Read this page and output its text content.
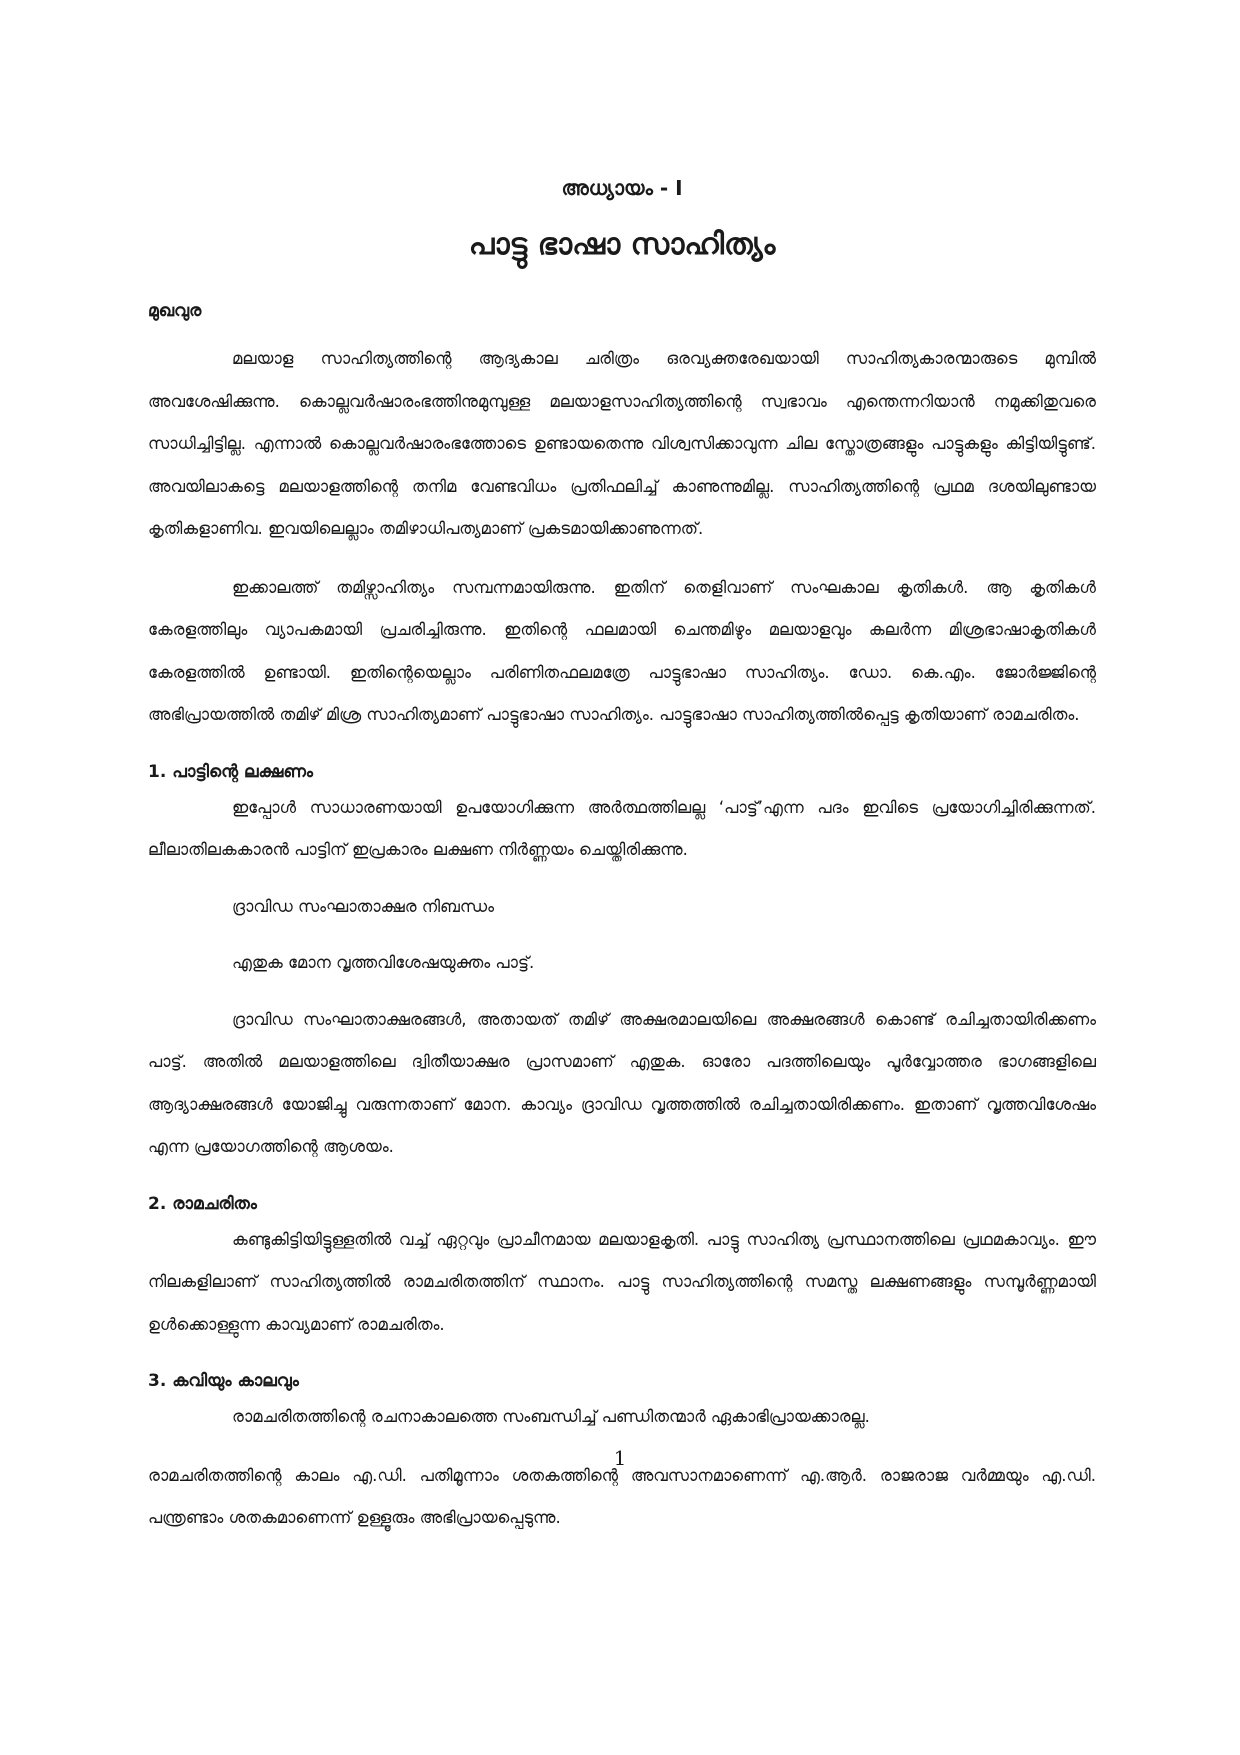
അധ്യായം - I
പാട്ടു ഭാഷാ സാഹിത്യം
മുഖവുര

മലയാള സാഹിത്യത്തിന്റെ ആദ്യകാല ചരിത്രം ഒരവ്യക്തരേഖയായി സാഹിത്യകാരന്മാരുടെ മുമ്പിൽ അവശേഷിക്കുന്നു. കൊല്ലവർഷാരംഭത്തിനുമുമ്പുള്ള മലയാളസാഹിത്യത്തിന്റെ സ്വഭാവം എന്തെന്നറിയാൻ നമുക്കിതുവരെ സാധിച്ചിട്ടില്ല. എന്നാൽ കൊല്ലവർഷാരംഭത്തോടെ ഉണ്ടായതെന്നു വിശ്വസിക്കാവുന്ന ചില സ്തോത്രങ്ങളും പാട്ടുകളും കിട്ടിയിട്ടുണ്ട്. അവയിലാകട്ടെ മലയാളത്തിന്റെ തനിമ വേണ്ടവിധം പ്രതിഫലിച്ച് കാണുന്നുമില്ല. സാഹിത്യത്തിന്റെ പ്രഥമ ദശയിലുണ്ടായ കൃതികളാണിവ. ഇവയിലെല്ലാം തമിഴാധിപത്യമാണ് പ്രകടമായിക്കാണുന്നത്.

ഇക്കാലത്ത് തമിഴ്സാഹിത്യം സമ്പന്നമായിരുന്നു. ഇതിന് തെളിവാണ് സംഘകാല കൃതികൾ. ആ കൃതികൾ കേരളത്തിലും വ്യാപകമായി പ്രചരിച്ചിരുന്നു. ഇതിന്റെ ഫലമായി ചെന്തമിഴും മലയാളവും കലർന്ന മിശ്രഭാഷാകൃതികൾ കേരളത്തിൽ ഉണ്ടായി. ഇതിന്റെയെല്ലാം പരിണിതഫലമത്രേ പാട്ടുഭാഷാ സാഹിത്യം. ഡോ. കെ.എം. ജോർജ്ജിന്റെ അഭിപ്രായത്തിൽ തമിഴ് മിശ്ര സാഹിത്യമാണ് പാട്ടുഭാഷാ സാഹിത്യം. പാട്ടുഭാഷാ സാഹിത്യത്തിൽപ്പെട്ട കൃതിയാണ് രാമചരിതം.

1. പാട്ടിന്റെ ലക്ഷണം

ഇപ്പോൾ സാധാരണയായി ഉപയോഗിക്കുന്ന അർത്ഥത്തിലല്ല ‘പാട്ട്’എന്ന പദം ഇവിടെ പ്രയോഗിച്ചിരിക്കുന്നത്. ലീലാതിലകകാരൻ പാട്ടിന് ഇപ്രകാരം ലക്ഷണ നിർണ്ണയം ചെയ്തിരിക്കുന്നു.

ദ്രാവിഡ സംഘാതാക്ഷര നിബന്ധം
എതുക മോന വൃത്തവിശേഷയുക്തം പാട്ട്.

ദ്രാവിഡ സംഘാതാക്ഷരങ്ങൾ, അതായത് തമിഴ് അക്ഷരമാലയിലെ അക്ഷരങ്ങൾ കൊണ്ട് രചിച്ചതായിരിക്കണം പാട്ട്. അതിൽ മലയാളത്തിലെ ദ്വിതീയാക്ഷര പ്രാസമാണ് എതുക. ഓരോ പദത്തിലെയും പൂർവ്വോത്തര ഭാഗങ്ങളിലെ ആദ്യാക്ഷരങ്ങൾ യോജിച്ചു വരുന്നതാണ് മോന. കാവ്യം ദ്രാവിഡ വൃത്തത്തിൽ രചിച്ചതായിരിക്കണം. ഇതാണ് വൃത്തവിശേഷം എന്ന പ്രയോഗത്തിന്റെ ആശയം.

2. രാമചരിതം

കണ്ടുകിട്ടിയിട്ടുള്ളതിൽ വച്ച് ഏറ്റവും പ്രാചീനമായ മലയാളകൃതി. പാട്ടു സാഹിത്യ പ്രസ്ഥാനത്തിലെ പ്രഥമകാവ്യം. ഈ നിലകളിലാണ് സാഹിത്യത്തിൽ രാമചരിതത്തിന് സ്ഥാനം. പാട്ടു സാഹിത്യത്തിന്റെ സമസ്ത ലക്ഷണങ്ങളും സമ്പൂർണ്ണമായി ഉൾക്കൊള്ളുന്ന കാവ്യമാണ് രാമചരിതം.

3. കവിയും കാലവും

രാമചരിതത്തിന്റെ രചനാകാലത്തെ സംബന്ധിച്ച് പണ്ഡിതന്മാർ ഏകാഭിപ്രായക്കാരല്ല.

രാമചരിതത്തിന്റെ കാലം എ.ഡി. പതിമൂന്നാം ശതകത്തിന്റെ അവസാനമാണെന്ന് എ.ആർ. രാജരാജ വർമ്മയും എ.ഡി. പന്ത്രണ്ടാം ശതകമാണെന്ന് ഉള്ളൂരും അഭിപ്രായപ്പെടുന്നു.

1
